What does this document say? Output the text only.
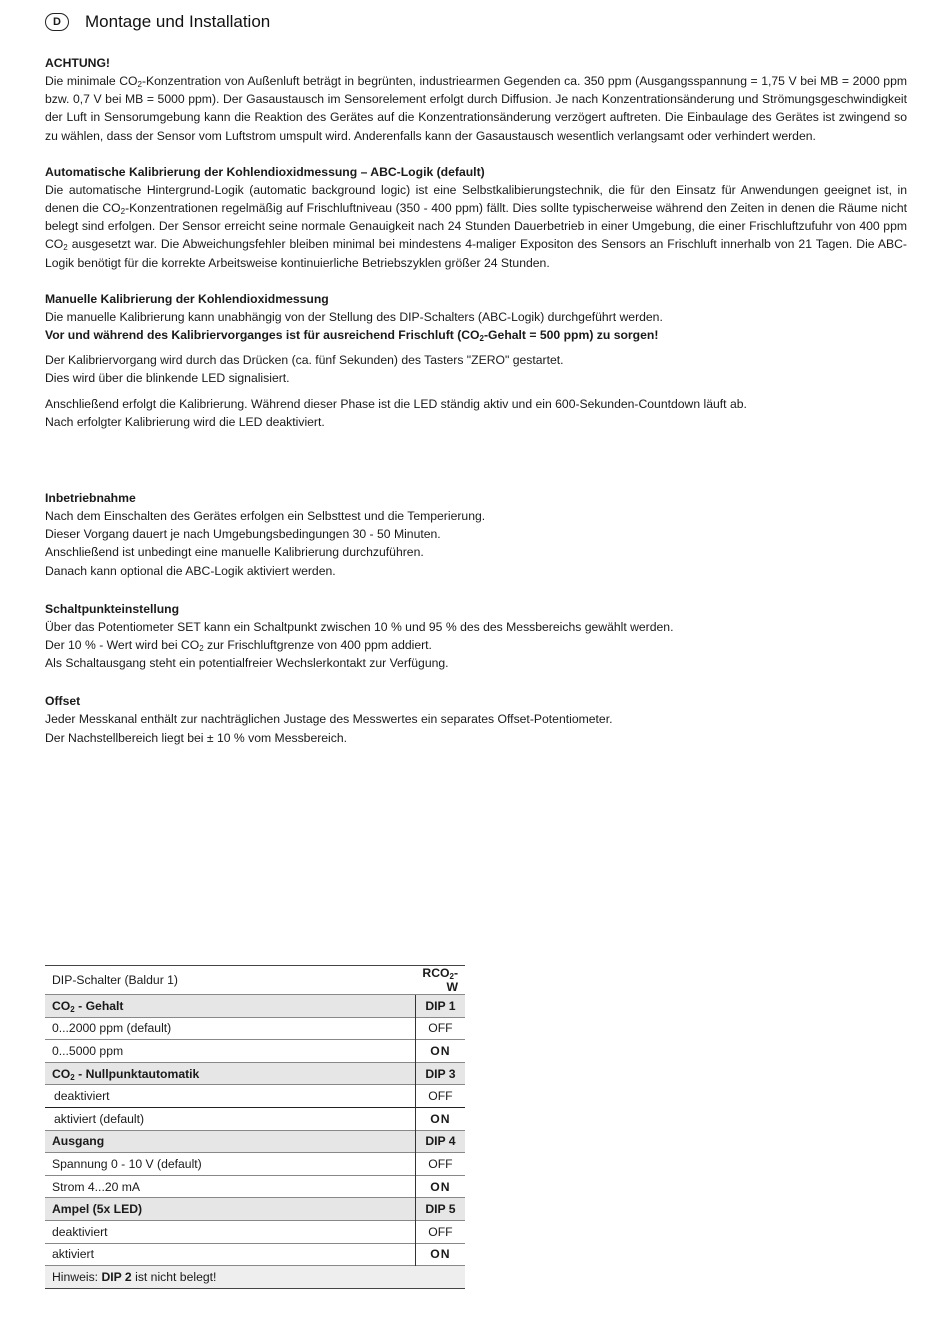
D	Montage und Installation
ACHTUNG!

Die minimale $CO_2$-Konzentration von Außenluft beträgt in begrünten, industriearmen Gegenden ca. 350 ppm (Ausgangsspannung = 1,75 V bei MB = 2000 ppm bzw. 0,7 V bei MB = 5000 ppm). Der Gasaustausch im Sensorelement erfolgt durch Diffusion. Je nach Konzentrationsänderung und Strömungsgeschwindigkeit der Luft in Sensorumgebung kann die Reaktion des Gerätes auf die Konzentrationsänderung verzögert auftreten. Die Einbaulage des Gerätes ist zwingend so zu wählen, dass der Sensor vom Luftstrom umspult wird. Anderenfalls kann der Gasaustausch wesentlich verlangsamt oder verhindert werden.

Automatische Kalibrierung der Kohlendioxidmessung – ABC-Logik (default)

Die automatische Hintergrund-Logik (automatic background logic) ist eine Selbstkalibierungstechnik, die für den Einsatz für Anwendungen geeignet ist, in denen die $CO_2$-Konzentrationen regelmäßig auf Frischluftniveau (350 - 400 ppm) fällt. Dies sollte typischerweise während den Zeiten in denen die Räume nicht belegt sind erfolgen. Der Sensor erreicht seine normale Genauigkeit nach 24 Stunden Dauerbetrieb in einer Umgebung, die einer Frischluftzufuhr von 400 ppm $CO_2$ ausgesetzt war. Die Abweichungsfehler bleiben minimal bei mindestens 4-maliger Expositon des Sensors an Frischluft innerhalb von 21 Tagen. Die ABC-Logik benötigt für die korrekte Arbeitsweise kontinuierliche Betriebszyklen größer 24 Stunden.

Manuelle Kalibrierung der Kohlendioxidmessung

Die manuelle Kalibrierung kann unabhängig von der Stellung des DIP-Schalters (ABC-Logik) durchgeführt werden.

Vor und während des Kalibriervorganges ist für ausreichend Frischluft ($CO_2$-Gehalt = 500 ppm) zu sorgen!

Der Kalibriervorgang wird durch das Drücken (ca. fünf Sekunden) des Tasters "ZERO" gestartet.

Dies wird über die blinkende LED signalisiert.

Anschließend erfolgt die Kalibrierung. Während dieser Phase ist die LED ständig aktiv und ein 600-Sekunden-Countdown läuft ab.

Nach erfolgter Kalibrierung wird die LED deaktiviert.

Inbetriebnahme

Nach dem Einschalten des Gerätes erfolgen ein Selbsttest und die Temperierung.

Dieser Vorgang dauert je nach Umgebungsbedingungen 30 - 50 Minuten.

Anschließend ist unbedingt eine manuelle Kalibrierung durchzuführen.

Danach kann optional die ABC-Logik aktiviert werden.

Schaltpunkteinstellung

Über das Potentiometer SET kann ein Schaltpunkt zwischen 10 % und 95 % des des Messbereichs gewählt werden.

Der 10 % - Wert wird bei $CO_2$ zur Frischluftgrenze von 400 ppm addiert.

Als Schaltausgang steht ein potentialfreier Wechslerkontakt zur Verfügung.

Offset

Jeder Messkanal enthält zur nachträglichen Justage des Messwertes ein separates Offset-Potentiometer.

Der Nachstellbereich liegt bei ± 10 % vom Messbereich.

DIP-Schalter (Baldur 1)	$RCO_2-$ W
$CO_2$ - Gehalt	DIP 1
0...2000 ppm (default)	OFF
0...5000 ppm	ON
$CO_2$ - Nullpunktautomatik	DIP 3
deaktiviert	OFF
aktiviert (default)	ON
Ausgang	DIP 4
Spannung 0 - 10 V (default)	OFF
Strom 4...20 mA	ON
Ampel (5x LED)	DIP 5
deaktiviert	OFF
aktiviert	ON
Hinweis: DIP 2 ist nicht belegt!	
